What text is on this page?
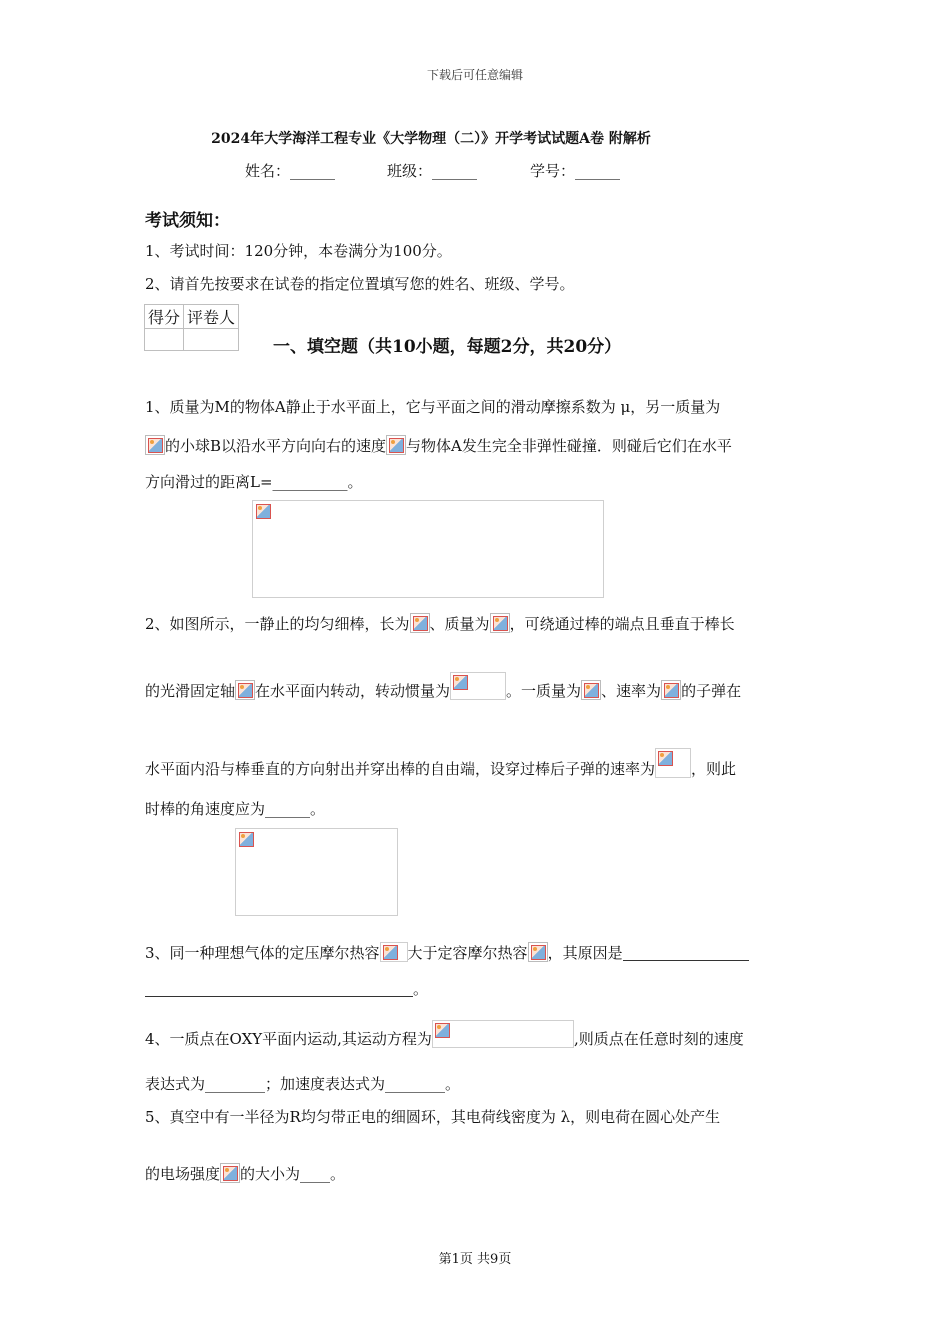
下载后可任意编辑
2024年大学海洋工程专业《大学物理（二）》开学考试试题A卷 附解析
姓名：______	班级：______	学号：______
考试须知：
1、考试时间：120分钟，本卷满分为100分。
2、请首先按要求在试卷的指定位置填写您的姓名、班级、学号。
得分	评卷人

一、填空题（共10小题，每题2分，共20分）
1、质量为M的物体A静止于水平面上，它与平面之间的滑动摩擦系数为 μ，另一质量为
的小球B以沿水平方向向右的速度 与物体A发生完全非弹性碰撞．则碰后它们在水平
方向滑过的距离L=__________。
2、如图所示，一静止的均匀细棒，长为 、质量为 ，可绕通过棒的端点且垂直于棒长
的光滑固定轴 在水平面内转动，转动惯量为	。一质量为 、速率为 的子弹在
水平面内沿与棒垂直的方向射出并穿出棒的自由端，设穿过棒后子弹的速率为 ，则此
时棒的角速度应为______。
3、同一种理想气体的定压摩尔热容 大于定容摩尔热容 ，其原因是
。
4、一质点在OXY平面内运动,其运动方程为	,则质点在任意时刻的速度
表达式为________；加速度表达式为________。
5、真空中有一半径为R均匀带正电的细圆环，其电荷线密度为 λ，则电荷在圆心处产生
的电场强度 的大小为____。
第1页 共9页
